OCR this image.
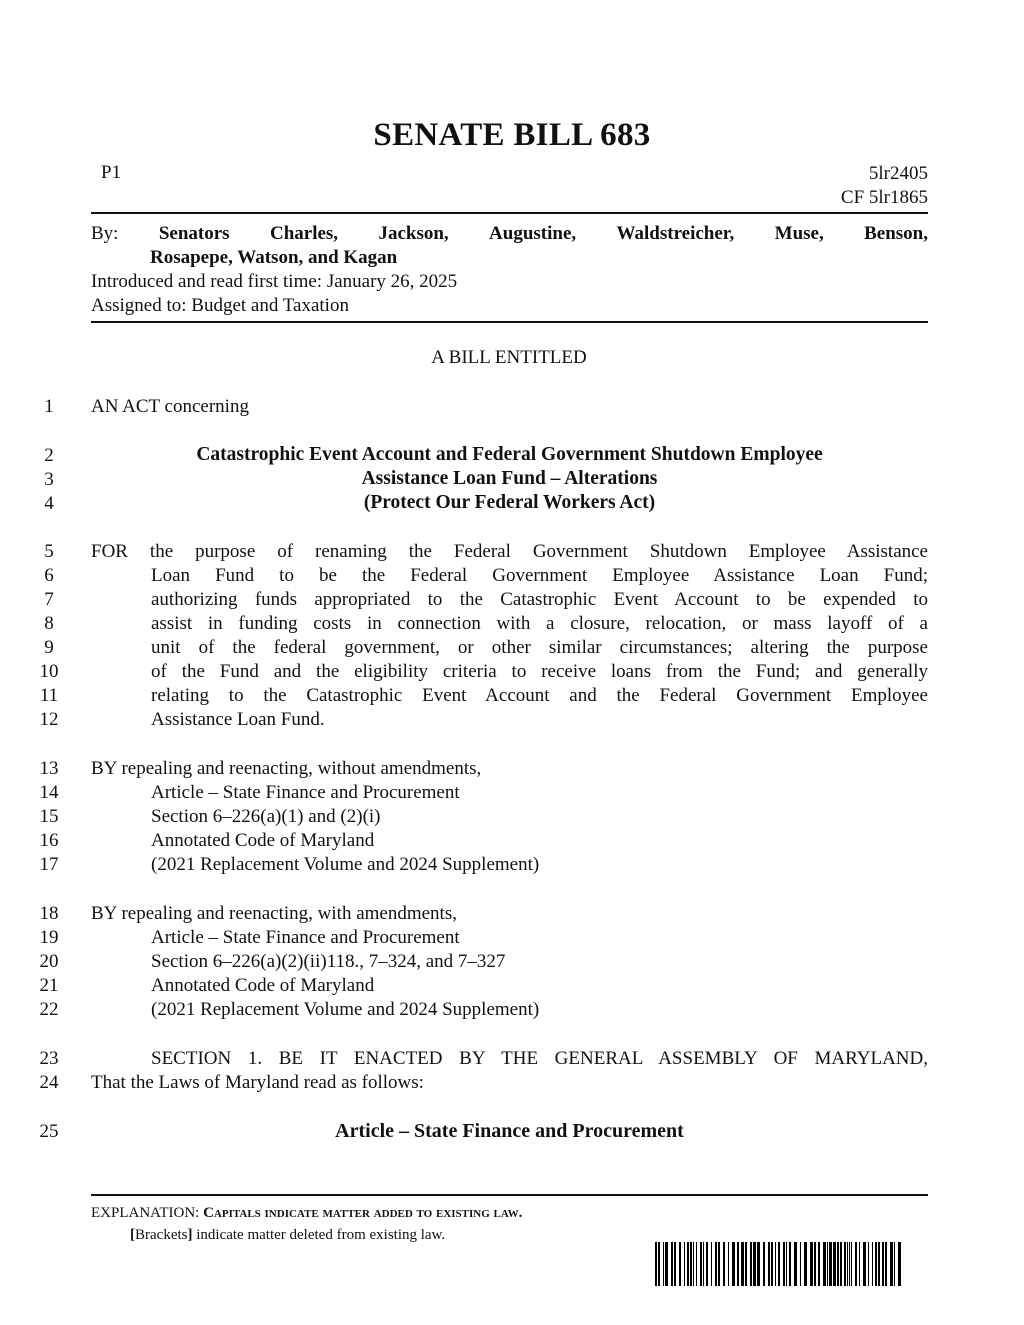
SENATE BILL 683
P1	5lr2405
CF 5lr1865
By: Senators Charles, Jackson, Augustine, Waldstreicher, Muse, Benson,
Rosapepe, Watson, and Kagan
Introduced and read first time: January 26, 2025
Assigned to: Budget and Taxation
A BILL ENTITLED
1	AN ACT concerning
2	Catastrophic Event Account and Federal Government Shutdown Employee
3	Assistance Loan Fund – Alterations
4	(Protect Our Federal Workers Act)
5	FOR the purpose of renaming the Federal Government Shutdown Employee Assistance
6	Loan Fund to be the Federal Government Employee Assistance Loan Fund;
7	authorizing funds appropriated to the Catastrophic Event Account to be expended to
8	assist in funding costs in connection with a closure, relocation, or mass layoff of a
9	unit of the federal government, or other similar circumstances; altering the purpose
10	of the Fund and the eligibility criteria to receive loans from the Fund; and generally
11	relating to the Catastrophic Event Account and the Federal Government Employee
12	Assistance Loan Fund.
13	BY repealing and reenacting, without amendments,
14	Article – State Finance and Procurement
15	Section 6–226(a)(1) and (2)(i)
16	Annotated Code of Maryland
17	(2021 Replacement Volume and 2024 Supplement)
18	BY repealing and reenacting, with amendments,
19	Article – State Finance and Procurement
20	Section 6–226(a)(2)(ii)118., 7–324, and 7–327
21	Annotated Code of Maryland
22	(2021 Replacement Volume and 2024 Supplement)
23	SECTION 1. BE IT ENACTED BY THE GENERAL ASSEMBLY OF MARYLAND,
24	That the Laws of Maryland read as follows:
25	Article – State Finance and Procurement
EXPLANATION: Capitals indicate matter added to existing law.
[Brackets] indicate matter deleted from existing law.
